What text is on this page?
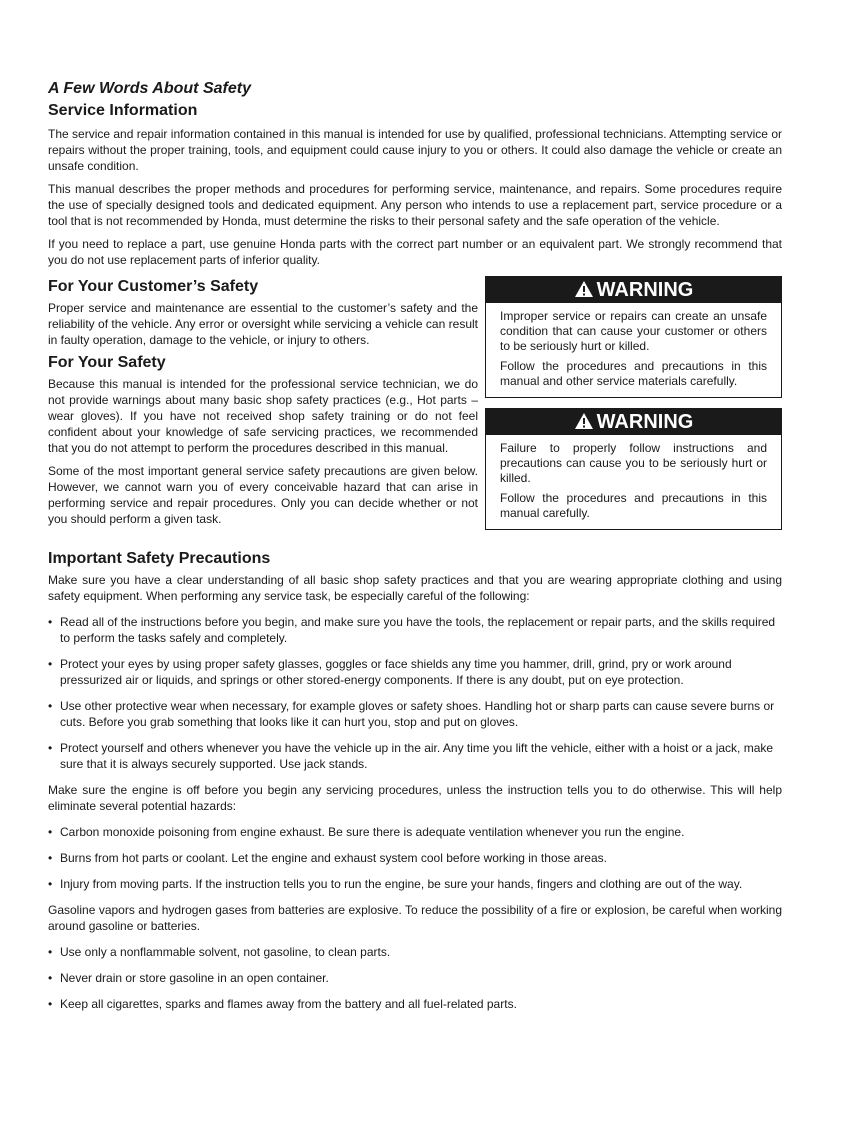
A Few Words About Safety
Service Information

The service and repair information contained in this manual is intended for use by qualified, professional technicians. Attempting service or repairs without the proper training, tools, and equipment could cause injury to you or others. It could also damage the vehicle or create an unsafe condition.

This manual describes the proper methods and procedures for performing service, maintenance, and repairs. Some procedures require the use of specially designed tools and dedicated equipment. Any person who intends to use a replacement part, service procedure or a tool that is not recommended by Honda, must determine the risks to their personal safety and the safe operation of the vehicle.

If you need to replace a part, use genuine Honda parts with the correct part number or an equivalent part. We strongly recommend that you do not use replacement parts of inferior quality.

For Your Customer’s Safety

Proper service and maintenance are essential to the customer’s safety and the reliability of the vehicle. Any error or oversight while servicing a vehicle can result in faulty operation, damage to the vehicle, or injury to others.

For Your Safety

Because this manual is intended for the professional service technician, we do not provide warnings about many basic shop safety practices (e.g., Hot parts – wear gloves). If you have not received shop safety training or do not feel confident about your knowledge of safe servicing practices, we recommended that you do not attempt to perform the procedures described in this manual.

Some of the most important general service safety precautions are given below. However, we cannot warn you of every conceivable hazard that can arise in performing service and repair procedures. Only you can decide whether or not you should perform a given task.

WARNING

Improper service or repairs can create an unsafe condition that can cause your customer or others to be seriously hurt or killed.

Follow the procedures and precautions in this manual and other service materials carefully.

WARNING

Failure to properly follow instructions and precautions can cause you to be seriously hurt or killed.

Follow the procedures and precautions in this manual carefully.

Important Safety Precautions

Make sure you have a clear understanding of all basic shop safety practices and that you are wearing appropriate clothing and using safety equipment. When performing any service task, be especially careful of the following:

• Read all of the instructions before you begin, and make sure you have the tools, the replacement or repair parts, and the skills required to perform the tasks safely and completely.
• Protect your eyes by using proper safety glasses, goggles or face shields any time you hammer, drill, grind, pry or work around pressurized air or liquids, and springs or other stored-energy components. If there is any doubt, put on eye protection.
• Use other protective wear when necessary, for example gloves or safety shoes. Handling hot or sharp parts can cause severe burns or cuts. Before you grab something that looks like it can hurt you, stop and put on gloves.
• Protect yourself and others whenever you have the vehicle up in the air. Any time you lift the vehicle, either with a hoist or a jack, make sure that it is always securely supported. Use jack stands.

Make sure the engine is off before you begin any servicing procedures, unless the instruction tells you to do otherwise. This will help eliminate several potential hazards:

• Carbon monoxide poisoning from engine exhaust. Be sure there is adequate ventilation whenever you run the engine.
• Burns from hot parts or coolant. Let the engine and exhaust system cool before working in those areas.
• Injury from moving parts. If the instruction tells you to run the engine, be sure your hands, fingers and clothing are out of the way.

Gasoline vapors and hydrogen gases from batteries are explosive. To reduce the possibility of a fire or explosion, be careful when working around gasoline or batteries.

• Use only a nonflammable solvent, not gasoline, to clean parts.
• Never drain or store gasoline in an open container.
• Keep all cigarettes, sparks and flames away from the battery and all fuel-related parts.
